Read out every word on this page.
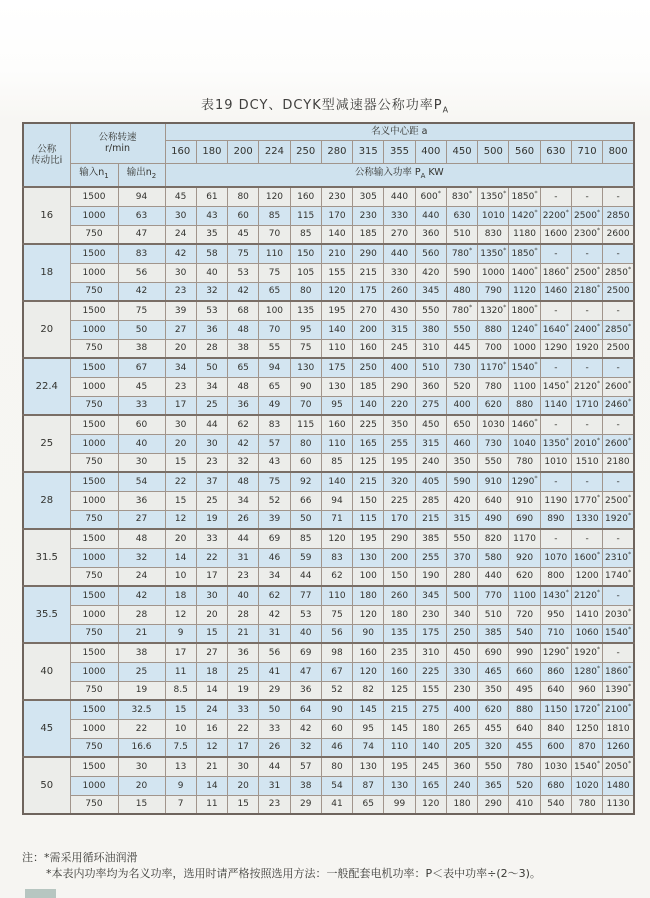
表19 DCY、DCYK型减速器公称功率$P_A$
公称
传动比i	公称转速
r/min		名义中心距 a														
			160	180	200	224	250	280	315	355	400	450	500	560	630	710	800
	输入$n_1$	输出$n_2$	公称输入功率 $P_A$ KW														
16	1500	94	45	61	80	120	160	230	305	440	600*	830*	1350*	1850*	-	-	-
	1000	63	30	43	60	85	115	170	230	330	440	630	1010	1420*	2200*	2500*	2850
	750	47	24	35	45	70	85	140	185	270	360	510	830	1180	1600	2300*	2600
18	1500	83	42	58	75	110	150	210	290	440	560	780*	1350*	1850*	-	-	-
	1000	56	30	40	53	75	105	155	215	330	420	590	1000	1400*	1860*	2500*	2850*
	750	42	23	32	42	65	80	120	175	260	345	480	790	1120	1460	2180*	2500
20	1500	75	39	53	68	100	135	195	270	430	550	780*	1320*	1800*	-	-	-
	1000	50	27	36	48	70	95	140	200	315	380	550	880	1240*	1640*	2400*	2850*
	750	38	20	28	38	55	75	110	160	245	310	445	700	1000	1290	1920	2500
22.4	1500	67	34	50	65	94	130	175	250	400	510	730	1170*	1540*	-	-	-
	1000	45	23	34	48	65	90	130	185	290	360	520	780	1100	1450*	2120*	2600*
	750	33	17	25	36	49	70	95	140	220	275	400	620	880	1140	1710	2460*
25	1500	60	30	44	62	83	115	160	225	350	450	650	1030	1460*	-	-	-
	1000	40	20	30	42	57	80	110	165	255	315	460	730	1040	1350*	2010*	2600*
	750	30	15	23	32	43	60	85	125	195	240	350	550	780	1010	1510	2180
28	1500	54	22	37	48	75	92	140	215	320	405	590	910	1290*	-	-	-
	1000	36	15	25	34	52	66	94	150	225	285	420	640	910	1190	1770*	2500*
	750	27	12	19	26	39	50	71	115	170	215	315	490	690	890	1330	1920*
31.5	1500	48	20	33	44	69	85	120	195	290	385	550	820	1170	-	-	-
	1000	32	14	22	31	46	59	83	130	200	255	370	580	920	1070	1600*	2310*
	750	24	10	17	23	34	44	62	100	150	190	280	440	620	800	1200	1740*
35.5	1500	42	18	30	40	62	77	110	180	260	345	500	770	1100	1430*	2120*	-
	1000	28	12	20	28	42	53	75	120	180	230	340	510	720	950	1410	2030*
	750	21	9	15	21	31	40	56	90	135	175	250	385	540	710	1060	1540*
40	1500	38	17	27	36	56	69	98	160	235	310	450	690	990	1290*	1920*	-
	1000	25	11	18	25	41	47	67	120	160	225	330	465	660	860	1280*	1860*
	750	19	8.5	14	19	29	36	52	82	125	155	230	350	495	640	960	1390*
45	1500	32.5	15	24	33	50	64	90	145	215	275	400	620	880	1150	1720*	2100*
	1000	22	10	16	22	33	42	60	95	145	180	265	455	640	840	1250	1810
	750	16.6	7.5	12	17	26	32	46	74	110	140	205	320	455	600	870	1260
50	1500	30	13	21	30	44	57	80	130	195	245	360	550	780	1030	1540*	2050*
	1000	20	9	14	20	31	38	54	87	130	165	240	365	520	680	1020	1480
	750	15	7	11	15	23	29	41	65	99	120	180	290	410	540	780	1130
注：*需采用循环油润滑
*本表内功率均为名义功率，选用时请严格按照选用方法：一般配套电机功率：P＜表中功率÷(2～3)。
